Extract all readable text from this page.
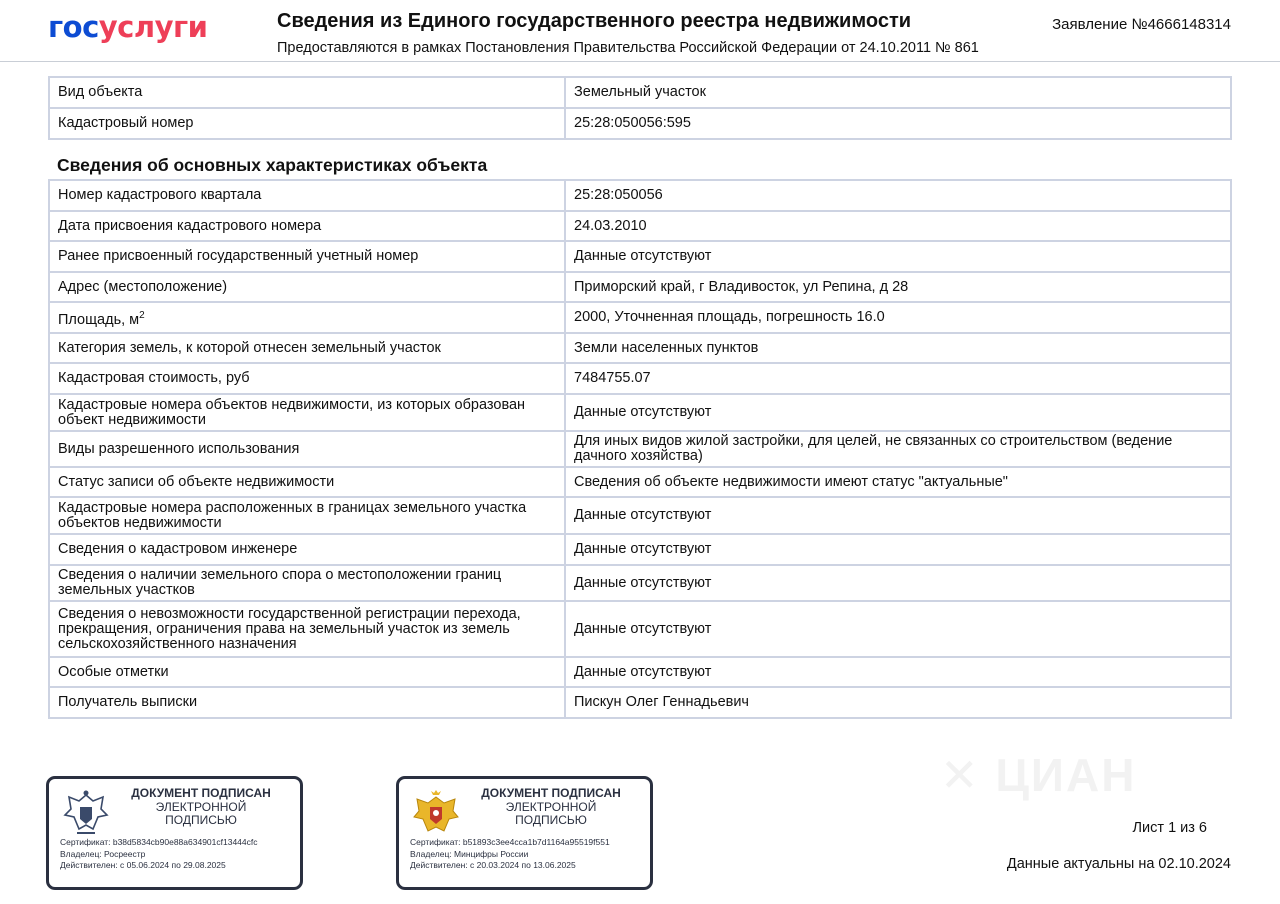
госуслуги	Сведения из Единого государственного реестра недвижимости
Предоставляются в рамках Постановления Правительства Российской Федерации от 24.10.2011 № 861
Заявление №4666148314
✕ ЦИАН
Вид объекта	Земельный участок
Кадастровый номер	25:28:050056:595
Сведения об основных характеристиках объекта
Номер кадастрового квартала	25:28:050056
Дата присвоения кадастрового номера	24.03.2010
Ранее присвоенный государственный учетный номер	Данные отсутствуют
Адрес (местоположение)	Приморский край, г Владивосток, ул Репина, д 28
Площадь, $м^2$	2000, Уточненная площадь, погрешность 16.0
Категория земель, к которой отнесен земельный участок	Земли населенных пунктов
Кадастровая стоимость, руб	7484755.07
Кадастровые номера объектов недвижимости, из которых образован объект недвижимости	Данные отсутствуют
Виды разрешенного использования	Для иных видов жилой застройки, для целей, не связанных со строительством (ведение дачного хозяйства)
Статус записи об объекте недвижимости	Сведения об объекте недвижимости имеют статус "актуальные"
Кадастровые номера расположенных в границах земельного участка объектов недвижимости	Данные отсутствуют
Сведения о кадастровом инженере	Данные отсутствуют
Сведения о наличии земельного спора о местоположении границ земельных участков	Данные отсутствуют
Сведения о невозможности государственной регистрации перехода, прекращения, ограничения права на земельный участок из земель сельскохозяйственного назначения	Данные отсутствуют
Особые отметки	Данные отсутствуют
Получатель выписки	Пискун Олег Геннадьевич
ДОКУМЕНТ ПОДПИСАН
ЭЛЕКТРОННОЙ
ПОДПИСЬЮ
Сертификат: b38d5834cb90e88a634901cf13444cfc
Владелец: Росреестр
Действителен: с 05.06.2024 по 29.08.2025
ДОКУМЕНТ ПОДПИСАН
ЭЛЕКТРОННОЙ
ПОДПИСЬЮ
Сертификат: b51893c3ee4cca1b7d1164a95519f551
Владелец: Минцифры России
Действителен: с 20.03.2024 по 13.06.2025
Лист 1 из 6
Данные актуальны на 02.10.2024
